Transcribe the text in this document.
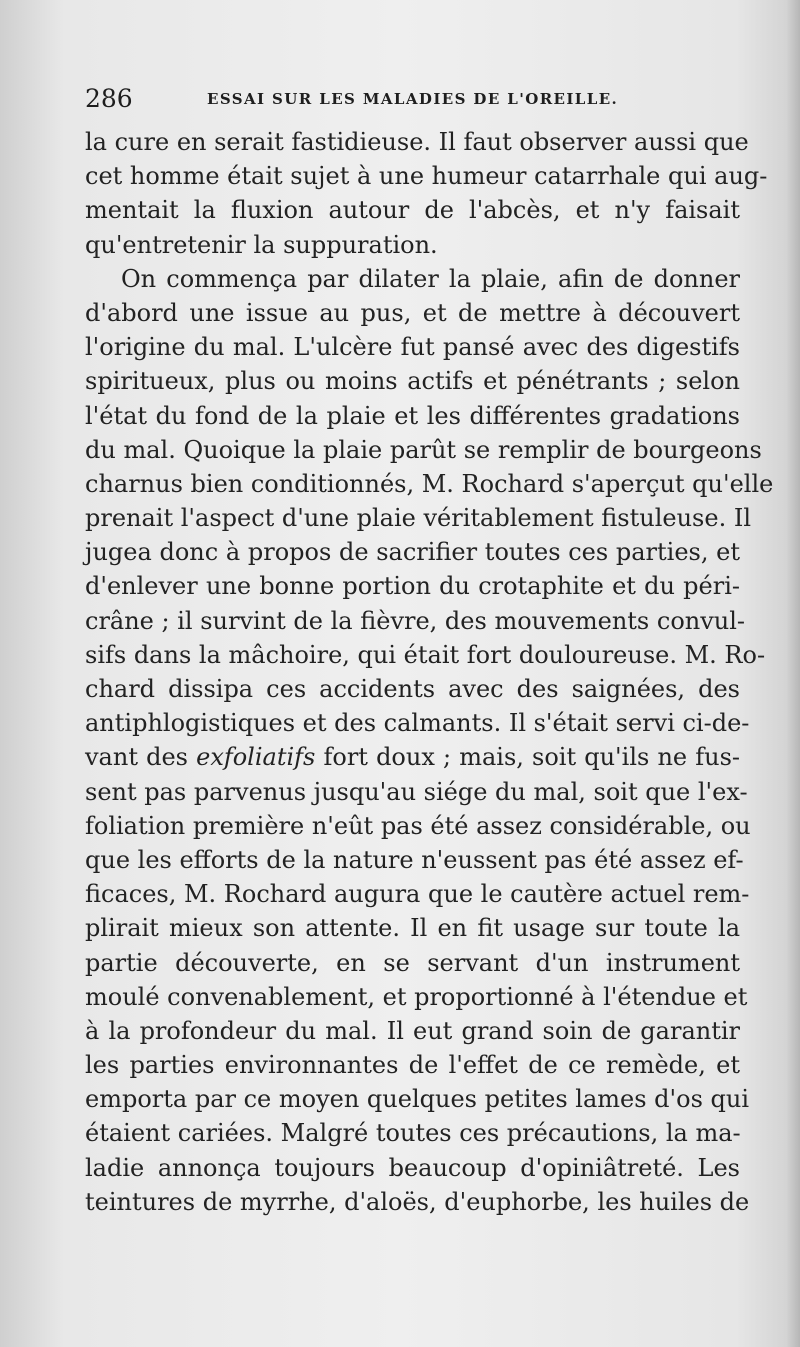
286	ESSAI SUR LES MALADIES DE L'OREILLE.
la cure en serait fastidieuse. Il faut observer aussi que
cet homme était sujet à une humeur catarrhale qui aug-
mentait la fluxion autour de l'abcès, et n'y faisait
qu'entretenir la suppuration.
On commença par dilater la plaie, afin de donner
d'abord une issue au pus, et de mettre à découvert
l'origine du mal. L'ulcère fut pansé avec des digestifs
spiritueux, plus ou moins actifs et pénétrants ; selon
l'état du fond de la plaie et les différentes gradations
du mal. Quoique la plaie parût se remplir de bourgeons
charnus bien conditionnés, M. Rochard s'aperçut qu'elle
prenait l'aspect d'une plaie véritablement fistuleuse. Il
jugea donc à propos de sacrifier toutes ces parties, et
d'enlever une bonne portion du crotaphite et du péri-
crâne ; il survint de la fièvre, des mouvements convul-
sifs dans la mâchoire, qui était fort douloureuse. M. Ro-
chard dissipa ces accidents avec des saignées, des
antiphlogistiques et des calmants. Il s'était servi ci-de-
vant des exfoliatifs fort doux ; mais, soit qu'ils ne fus-
sent pas parvenus jusqu'au siége du mal, soit que l'ex-
foliation première n'eût pas été assez considérable, ou
que les efforts de la nature n'eussent pas été assez ef-
ficaces, M. Rochard augura que le cautère actuel rem-
plirait mieux son attente. Il en fit usage sur toute la
partie découverte, en se servant d'un instrument
moulé convenablement, et proportionné à l'étendue et
à la profondeur du mal. Il eut grand soin de garantir
les parties environnantes de l'effet de ce remède, et
emporta par ce moyen quelques petites lames d'os qui
étaient cariées. Malgré toutes ces précautions, la ma-
ladie annonça toujours beaucoup d'opiniâtreté. Les
teintures de myrrhe, d'aloës, d'euphorbe, les huiles de
